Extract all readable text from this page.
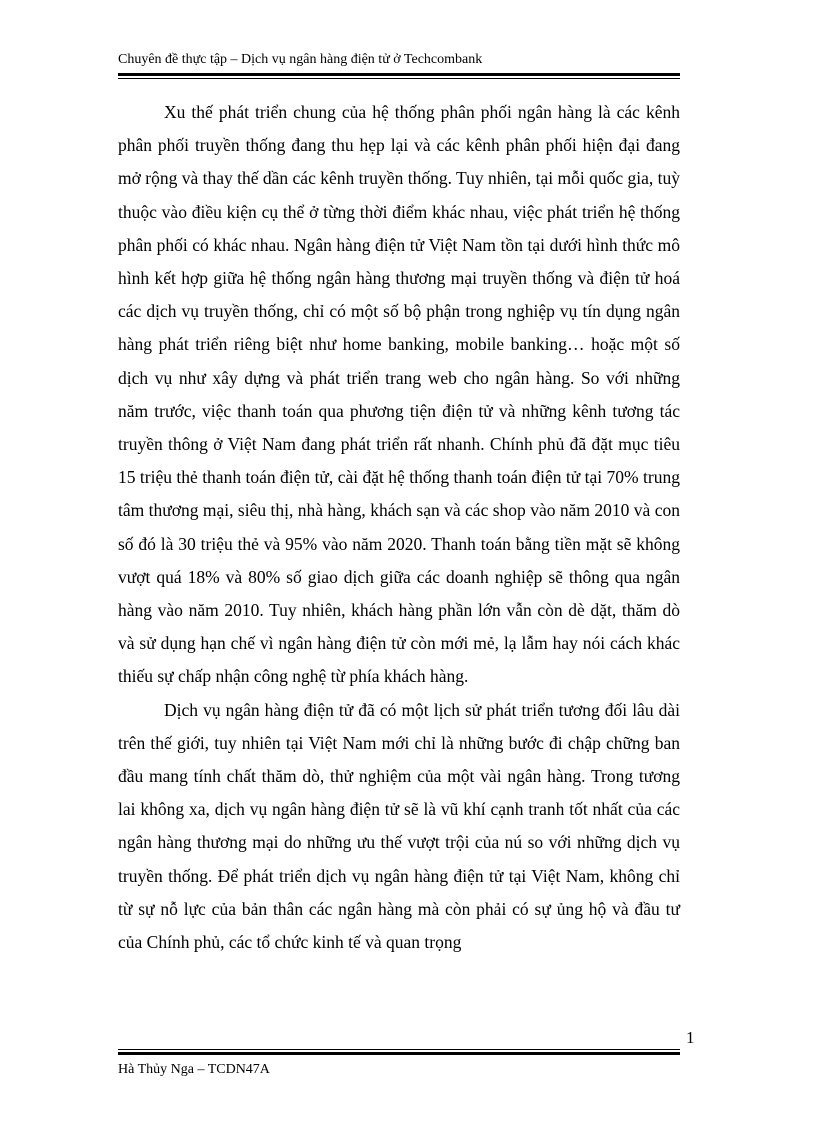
Chuyên đề thực tập – Dịch vụ ngân hàng điện tử ở Techcombank

Xu thế phát triển chung của hệ thống phân phối ngân hàng là các kênh phân phối truyền thống đang thu hẹp lại và các kênh phân phối hiện đại đang mở rộng và thay thế dần các kênh truyền thống. Tuy nhiên, tại mỗi quốc gia, tuỳ thuộc vào điều kiện cụ thể ở từng thời điểm khác nhau, việc phát triển hệ thống phân phối có khác nhau. Ngân hàng điện tử Việt Nam tồn tại dưới hình thức mô hình kết hợp giữa hệ thống ngân hàng thương mại truyền thống và điện tử hoá các dịch vụ truyền thống, chỉ có một số bộ phận trong nghiệp vụ tín dụng ngân hàng phát triển riêng biệt như home banking, mobile banking… hoặc một số dịch vụ như xây dựng và phát triển trang web cho ngân hàng. So với những năm trước, việc thanh toán qua phương tiện điện tử và những kênh tương tác truyền thông ở Việt Nam đang phát triển rất nhanh. Chính phủ đã đặt mục tiêu 15 triệu thẻ thanh toán điện tử, cài đặt hệ thống thanh toán điện tử tại 70% trung tâm thương mại, siêu thị, nhà hàng, khách sạn và các shop vào năm 2010 và con số đó là 30 triệu thẻ và 95% vào năm 2020. Thanh toán bằng tiền mặt sẽ không vượt quá 18% và 80% số giao dịch giữa các doanh nghiệp sẽ thông qua ngân hàng vào năm 2010. Tuy nhiên, khách hàng phần lớn vẫn còn dè dặt, thăm dò và sử dụng hạn chế vì ngân hàng điện tử còn mới mẻ, lạ lẫm hay nói cách khác thiếu sự chấp nhận công nghệ từ phía khách hàng.

Dịch vụ ngân hàng điện tử đã có một lịch sử phát triển tương đối lâu dài trên thế giới, tuy nhiên tại Việt Nam mới chỉ là những bước đi chập chững ban đầu mang tính chất thăm dò, thử nghiệm của một vài ngân hàng. Trong tương lai không xa, dịch vụ ngân hàng điện tử sẽ là vũ khí cạnh tranh tốt nhất của các ngân hàng thương mại do những ưu thế vượt trội của nú so với những dịch vụ truyền thống. Để phát triển dịch vụ ngân hàng điện tử tại Việt Nam, không chỉ từ sự nỗ lực của bản thân các ngân hàng mà còn phải có sự ủng hộ và đầu tư của Chính phủ, các tổ chức kinh tế và quan trọng

1
Hà Thủy Nga – TCDN47A
